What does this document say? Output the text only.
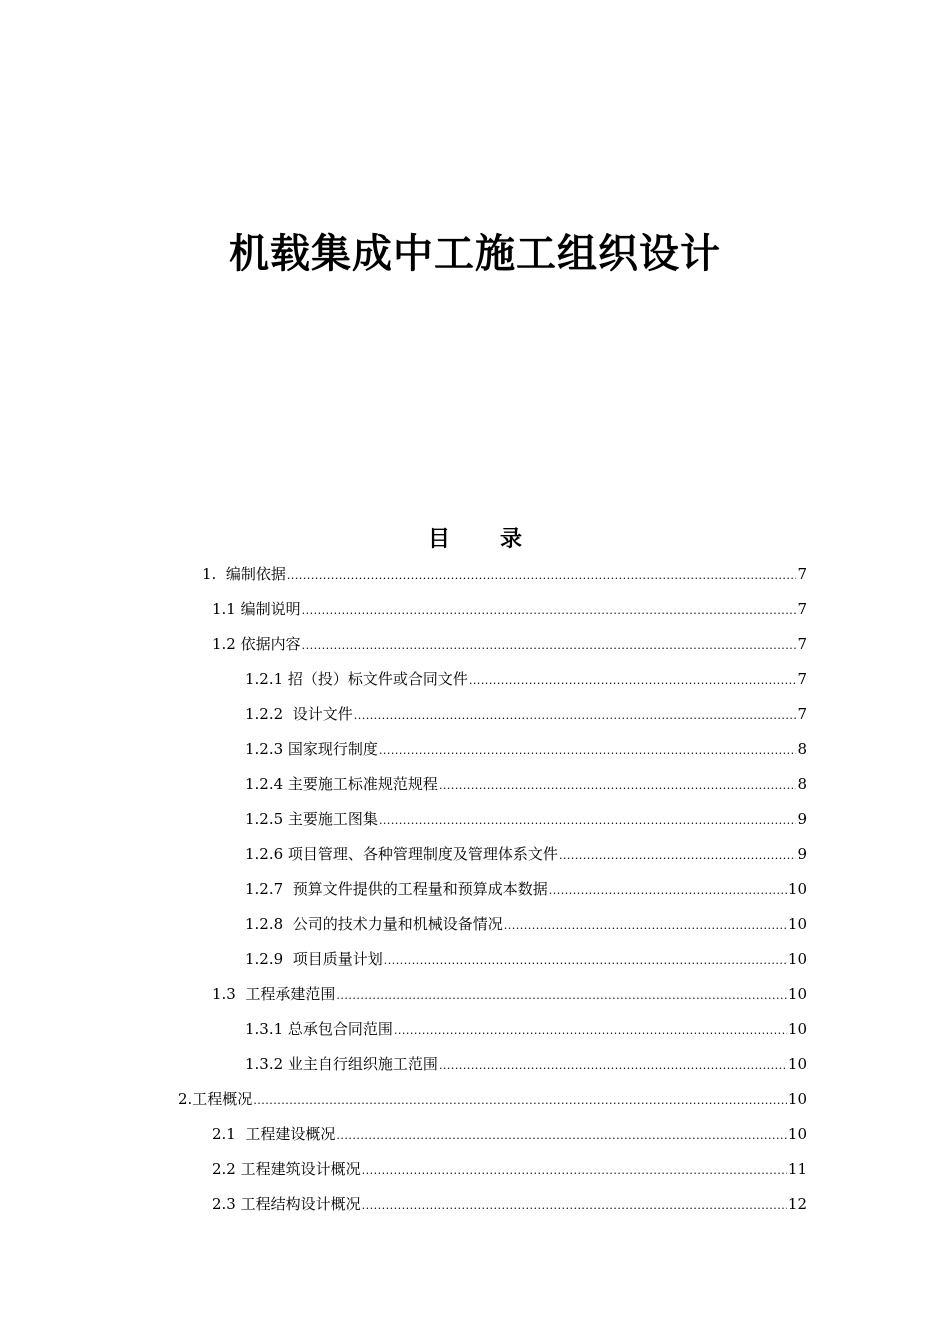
机载集成中工施工组织设计
目录
1.  编制依据 .....	7
1.1 编制说明 .....	7
1.2 依据内容 .....	7
1.2.1 招（投）标文件或合同文件 .....	7
1.2.2  设计文件 .....	7
1.2.3 国家现行制度 .....	8
1.2.4 主要施工标准规范规程 .....	8
1.2.5 主要施工图集 .....	9
1.2.6 项目管理、各种管理制度及管理体系文件 .....	9
1.2.7  预算文件提供的工程量和预算成本数据 .....	10
1.2.8  公司的技术力量和机械设备情况 .....	10
1.2.9  项目质量计划 .....	10
1.3  工程承建范围 .....	10
1.3.1 总承包合同范围 .....	10
1.3.2 业主自行组织施工范围 .....	10
2.工程概况 .....	10
2.1  工程建设概况 .....	10
2.2 工程建筑设计概况 .....	11
2.3 工程结构设计概况 .....	12
